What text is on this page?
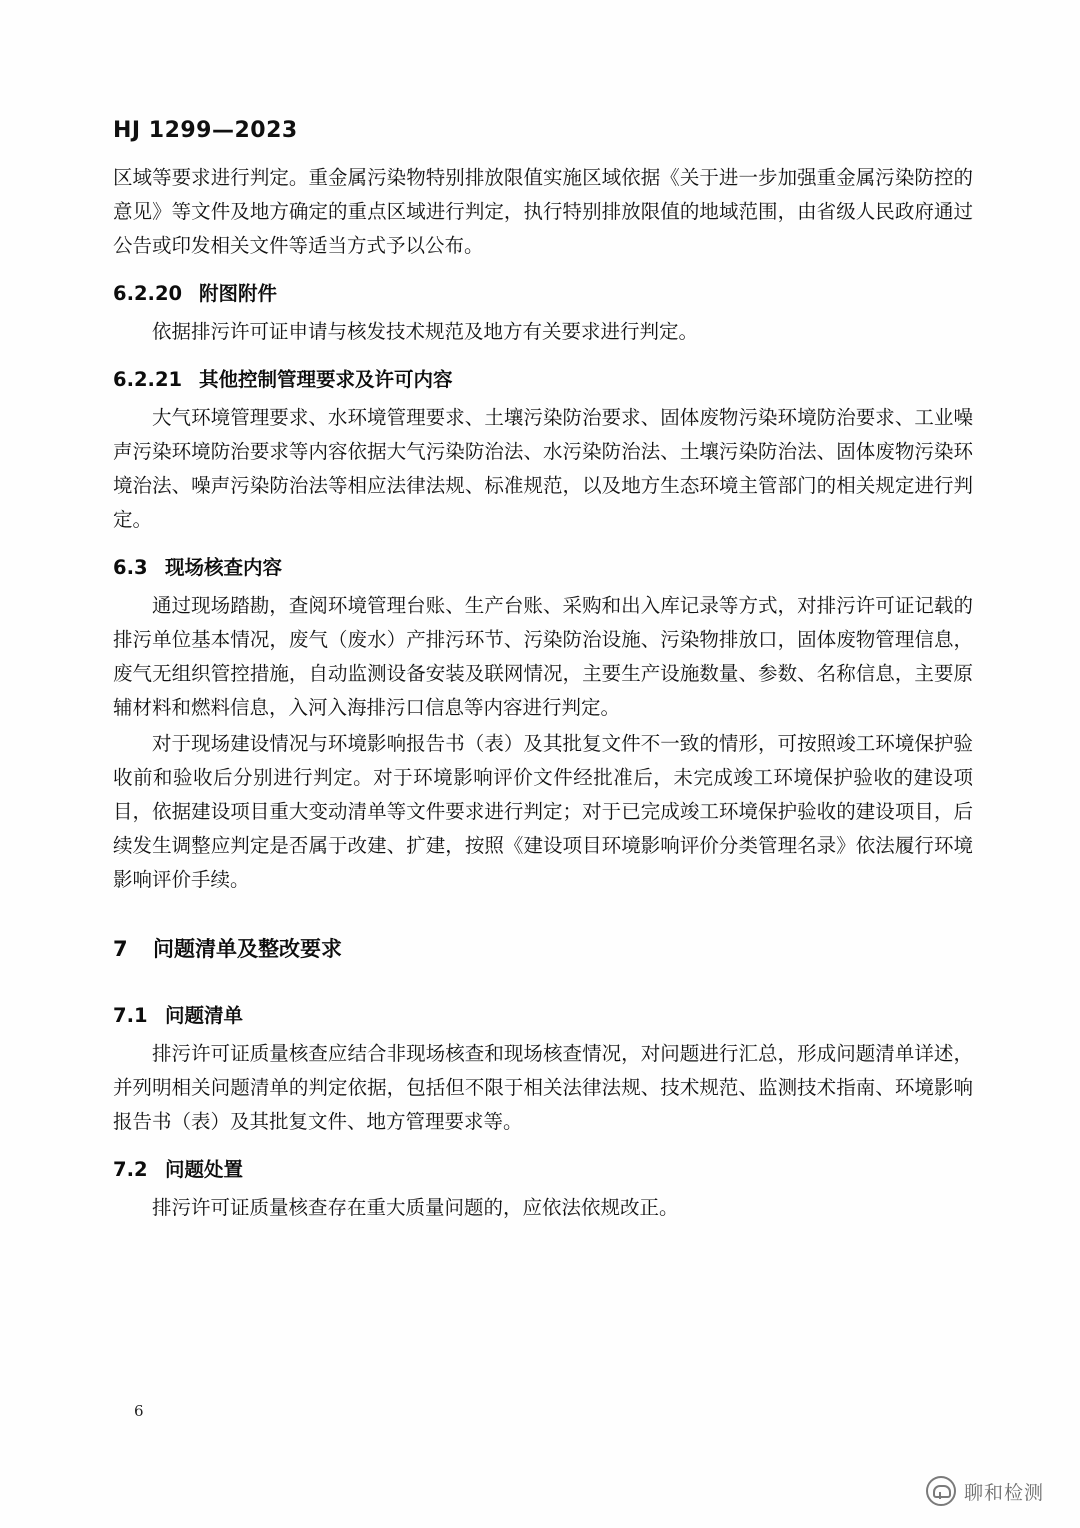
HJ 1299—2023

区域等要求进行判定。重金属污染物特别排放限值实施区域依据《关于进一步加强重金属污染防控的意见》等文件及地方确定的重点区域进行判定，执行特别排放限值的地域范围，由省级人民政府通过公告或印发相关文件等适当方式予以公布。

6.2.20 附图附件

依据排污许可证申请与核发技术规范及地方有关要求进行判定。

6.2.21 其他控制管理要求及许可内容

大气环境管理要求、水环境管理要求、土壤污染防治要求、固体废物污染环境防治要求、工业噪声污染环境防治要求等内容依据大气污染防治法、水污染防治法、土壤污染防治法、固体废物污染环境治法、噪声污染防治法等相应法律法规、标准规范，以及地方生态环境主管部门的相关规定进行判定。

6.3 现场核查内容

通过现场踏勘，查阅环境管理台账、生产台账、采购和出入库记录等方式，对排污许可证记载的排污单位基本情况，废气（废水）产排污环节、污染防治设施、污染物排放口，固体废物管理信息，废气无组织管控措施，自动监测设备安装及联网情况，主要生产设施数量、参数、名称信息，主要原辅材料和燃料信息，入河入海排污口信息等内容进行判定。

对于现场建设情况与环境影响报告书（表）及其批复文件不一致的情形，可按照竣工环境保护验收前和验收后分别进行判定。对于环境影响评价文件经批准后，未完成竣工环境保护验收的建设项目，依据建设项目重大变动清单等文件要求进行判定；对于已完成竣工环境保护验收的建设项目，后续发生调整应判定是否属于改建、扩建，按照《建设项目环境影响评价分类管理名录》依法履行环境影响评价手续。

7 问题清单及整改要求
7.1 问题清单

排污许可证质量核查应结合非现场核查和现场核查情况，对问题进行汇总，形成问题清单详述，并列明相关问题清单的判定依据，包括但不限于相关法律法规、技术规范、监测技术指南、环境影响报告书（表）及其批复文件、地方管理要求等。

7.2 问题处置

排污许可证质量核查存在重大质量问题的，应依法依规改正。

6
聊和检测
